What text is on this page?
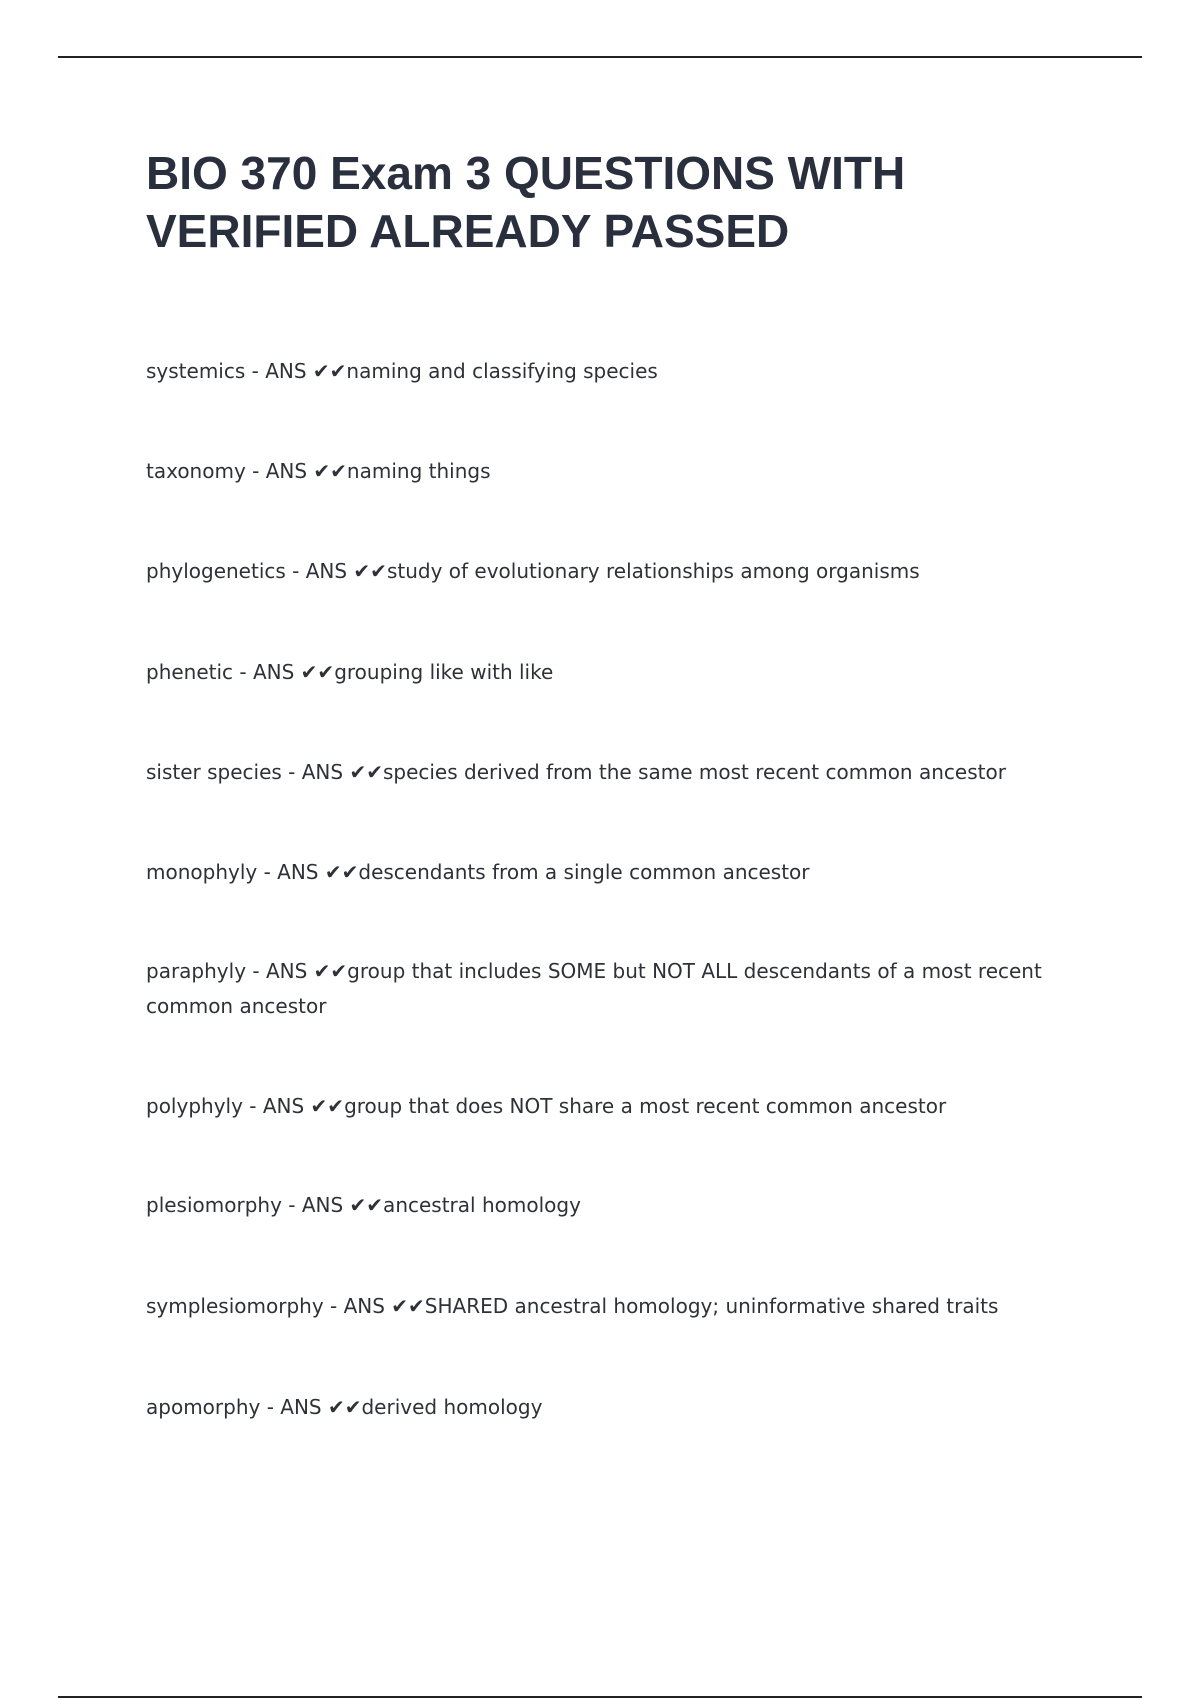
BIO 370 Exam 3 QUESTIONS WITH VERIFIED ALREADY PASSED

systemics - ANS ✔✔naming and classifying species

taxonomy - ANS ✔✔naming things

phylogenetics - ANS ✔✔study of evolutionary relationships among organisms

phenetic - ANS ✔✔grouping like with like

sister species - ANS ✔✔species derived from the same most recent common ancestor

monophyly - ANS ✔✔descendants from a single common ancestor

paraphyly - ANS ✔✔group that includes SOME but NOT ALL descendants of a most recent common ancestor

polyphyly - ANS ✔✔group that does NOT share a most recent common ancestor

plesiomorphy - ANS ✔✔ancestral homology

symplesiomorphy - ANS ✔✔SHARED ancestral homology; uninformative shared traits

apomorphy - ANS ✔✔derived homology
